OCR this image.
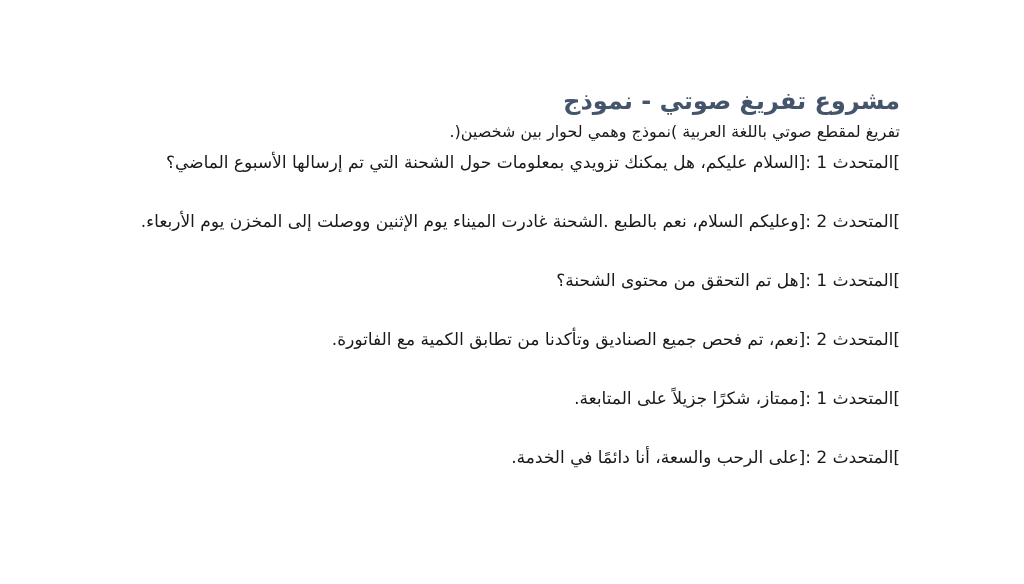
مشروع تفريغ صوتي - نموذج

تفريغ لمقطع صوتي باللغة العربية )نموذج وهمي لحوار بين شخصين(.

]المتحدث 1 :[السلام عليكم، هل يمكنك تزويدي بمعلومات حول الشحنة التي تم إرسالها الأسبوع الماضي؟
]المتحدث 2 :[وعليكم السلام، نعم بالطبع .الشحنة غادرت الميناء يوم الإثنين ووصلت إلى المخزن يوم الأربعاء.
]المتحدث 1 :[هل تم التحقق من محتوى الشحنة؟
]المتحدث 2 :[نعم، تم فحص جميع الصناديق وتأكدنا من تطابق الكمية مع الفاتورة.
]المتحدث 1 :[ممتاز، شكرًا جزيلاً على المتابعة.
]المتحدث 2 :[على الرحب والسعة، أنا دائمًا في الخدمة.
